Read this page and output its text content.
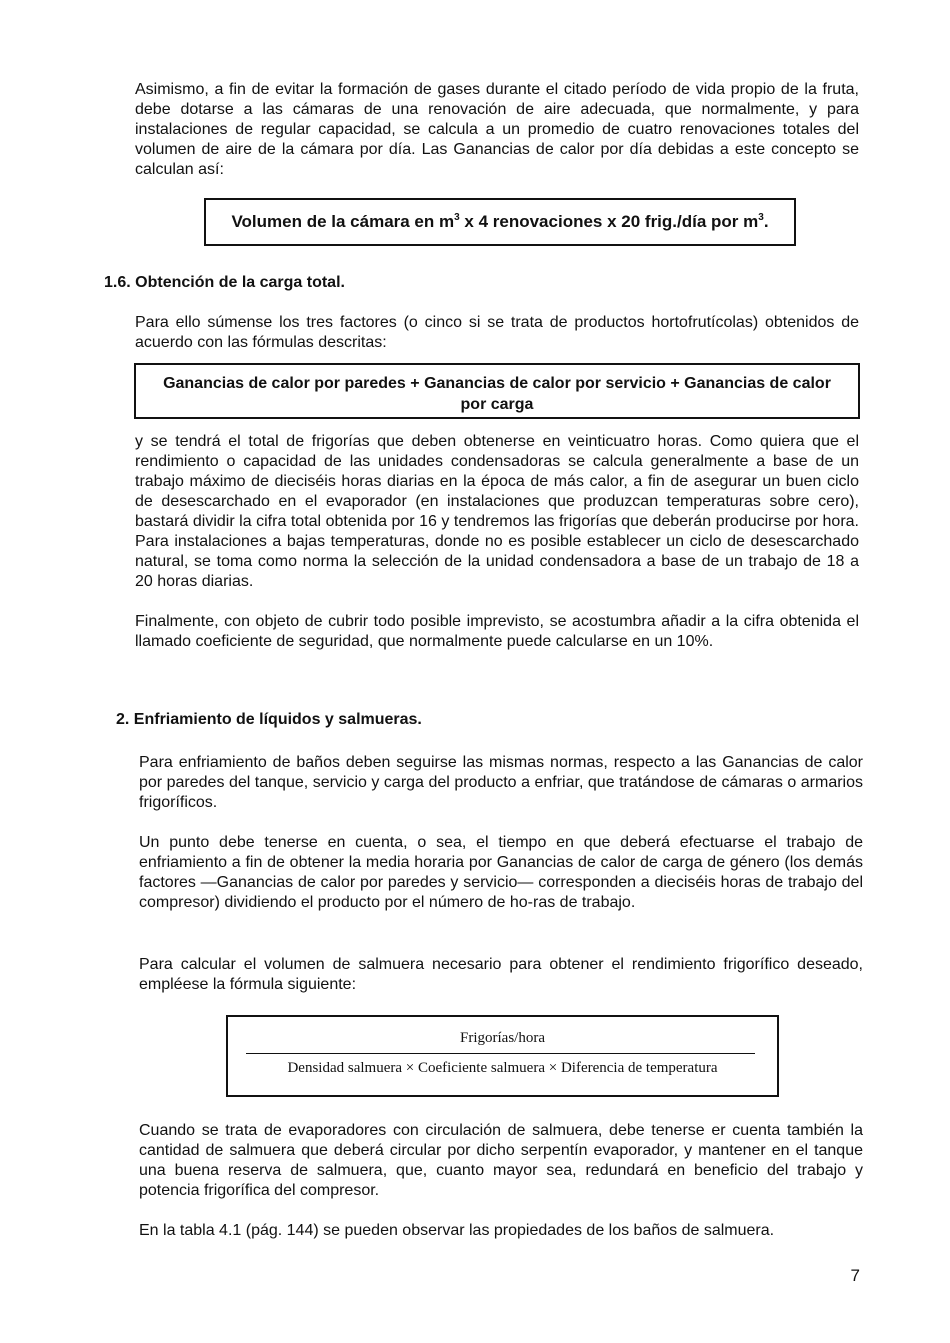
Asimismo, a fin de evitar la formación de gases durante el citado período de vida propio de la fruta, debe dotarse a las cámaras de una renovación de aire adecuada, que normalmente, y para instalaciones de regular capacidad, se calcula a un promedio de cuatro renovaciones totales del volumen de aire de la cámara por día. Las Ganancias de calor por día debidas a este concepto se calculan así:

Volumen de la cámara en $m^3$ x 4 renovaciones x 20 frig./día por $m^3$.
1.6. Obtención de la carga total.

Para ello súmense los tres factores (o cinco si se trata de productos hortofrutícolas) obtenidos de acuerdo con las fórmulas descritas:

Ganancias de calor por paredes + Ganancias de calor por servicio + Ganancias de calor por carga

y se tendrá el total de frigorías que deben obtenerse en veinticuatro horas. Como quiera que el rendimiento o capacidad de las unidades condensadoras se calcula generalmente a base de un trabajo máximo de dieciséis horas diarias en la época de más calor, a fin de asegurar un buen ciclo de desescarchado en el evaporador (en instalaciones que produzcan temperaturas sobre cero), bastará dividir la cifra total obtenida por 16 y tendremos las frigorías que deberán producirse por hora. Para instalaciones a bajas temperaturas, donde no es posible establecer un ciclo de desescarchado natural, se toma como norma la selección de la unidad condensadora a base de un trabajo de 18 a 20 horas diarias.

Finalmente, con objeto de cubrir todo posible imprevisto, se acostumbra añadir a la cifra obtenida el llamado coeficiente de seguridad, que normalmente puede calcularse en un 10%.

2. Enfriamiento de líquidos y salmueras.

Para enfriamiento de baños deben seguirse las mismas normas, respecto a las Ganancias de calor por paredes del tanque, servicio y carga del producto a enfriar, que tratándose de cámaras o armarios frigoríficos.

Un punto debe tenerse en cuenta, o sea, el tiempo en que deberá efectuarse el trabajo de enfriamiento a fin de obtener la media horaria por Ganancias de calor de carga de género (los demás factores —Ganancias de calor por paredes y servicio— corresponden a dieciséis horas de trabajo del compresor) dividiendo el producto por el número de ho-ras de trabajo.

Para calcular el volumen de salmuera necesario para obtener el rendimiento frigorífico deseado, empléese la fórmula siguiente:

Frigorías/hora
Densidad salmuera × Coeficiente salmuera × Diferencia de temperatura

Cuando se trata de evaporadores con circulación de salmuera, debe tenerse er cuenta también la cantidad de salmuera que deberá circular por dicho serpentín evaporador, y mantener en el tanque una buena reserva de salmuera, que, cuanto mayor sea, redundará en beneficio del trabajo y potencia frigorífica del compresor.

En la tabla 4.1 (pág. 144) se pueden observar las propiedades de los baños de salmuera.

7
